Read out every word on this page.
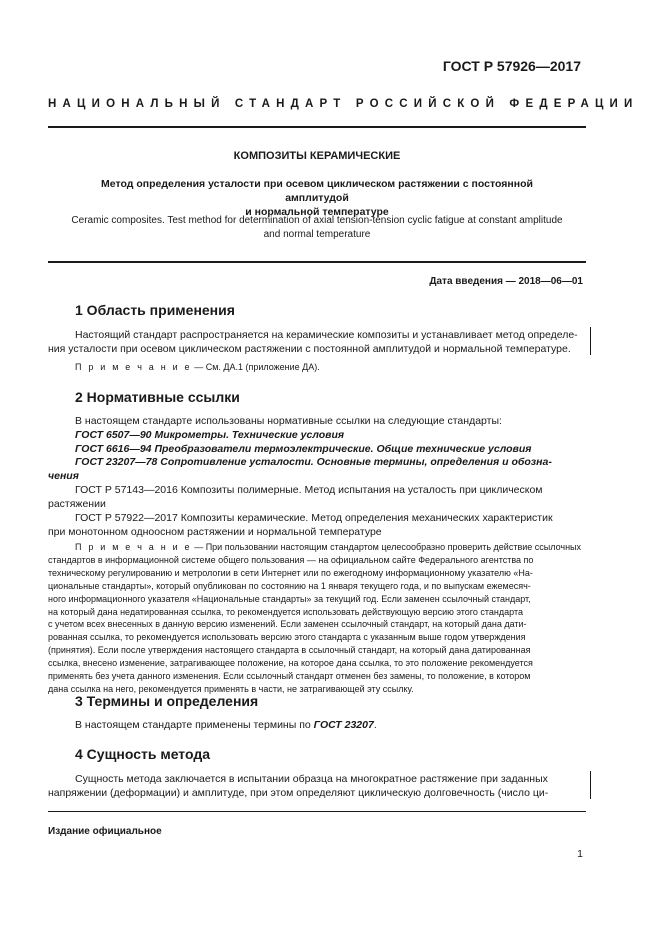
ГОСТ Р 57926—2017
НАЦИОНАЛЬНЫЙ СТАНДАРТ РОССИЙСКОЙ ФЕДЕРАЦИИ
КОМПОЗИТЫ КЕРАМИЧЕСКИЕ
Метод определения усталости при осевом циклическом растяжении с постоянной амплитудой
и нормальной температуре
Ceramic composites. Test method for determination of axial tension-tension cyclic fatigue at constant amplitude
and normal temperature
Дата введения — 2018—06—01
1 Область применения
Настоящий стандарт распространяется на керамические композиты и устанавливает метод определе-
ния усталости при осевом циклическом растяжении с постоянной амплитудой и нормальной температуре.
П р и м е ч а н и е — См. ДА.1 (приложение ДА).
2 Нормативные ссылки
В настоящем стандарте использованы нормативные ссылки на следующие стандарты:
ГОСТ 6507—90 Микрометры. Технические условия
ГОСТ 6616—94 Преобразователи термоэлектрические. Общие технические условия
ГОСТ 23207—78 Сопротивление усталости. Основные термины, определения и обозна-
чения
ГОСТ Р 57143—2016 Композиты полимерные. Метод испытания на усталость при циклическом
растяжении
ГОСТ Р 57922—2017 Композиты керамические. Метод определения механических характеристик
при монотонном одноосном растяжении и нормальной температуре
П р и м е ч а н и е — При пользовании настоящим стандартом целесообразно проверить действие ссылочных
стандартов в информационной системе общего пользования — на официальном сайте Федерального агентства по
техническому регулированию и метрологии в сети Интернет или по ежегодному информационному указателю «На-
циональные стандарты», который опубликован по состоянию на 1 января текущего года, и по выпускам ежемесяч-
ного информационного указателя «Национальные стандарты» за текущий год. Если заменен ссылочный стандарт,
на который дана недатированная ссылка, то рекомендуется использовать действующую версию этого стандарта
с учетом всех внесенных в данную версию изменений. Если заменен ссылочный стандарт, на который дана дати-
рованная ссылка, то рекомендуется использовать версию этого стандарта с указанным выше годом утверждения
(принятия). Если после утверждения настоящего стандарта в ссылочный стандарт, на который дана датированная
ссылка, внесено изменение, затрагивающее положение, на которое дана ссылка, то это положение рекомендуется
применять без учета данного изменения. Если ссылочный стандарт отменен без замены, то положение, в котором
дана ссылка на него, рекомендуется применять в части, не затрагивающей эту ссылку.
3 Термины и определения
В настоящем стандарте применены термины по ГОСТ 23207.
4 Сущность метода
Сущность метода заключается в испытании образца на многократное растяжение при заданных
напряжении (деформации) и амплитуде, при этом определяют циклическую долговечность (число ци-
Издание официальное
1
